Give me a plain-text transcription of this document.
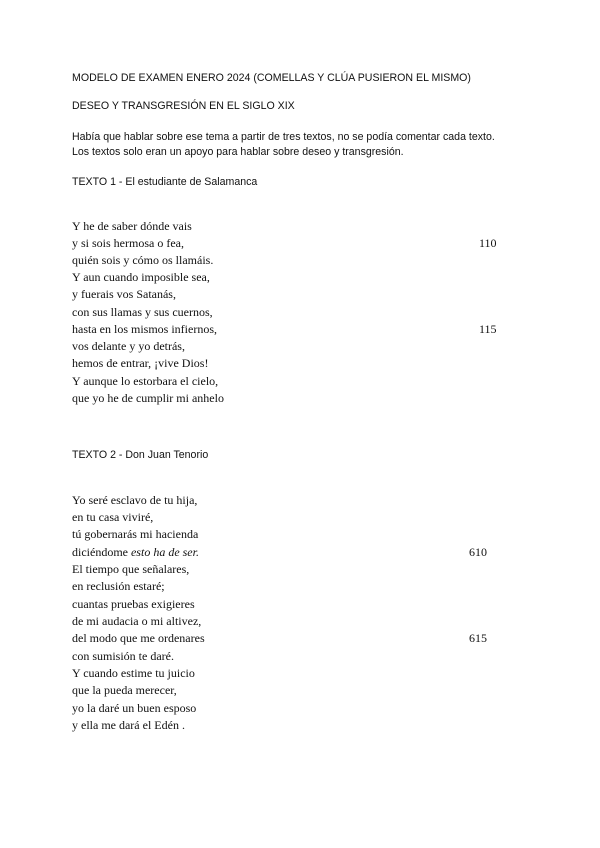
MODELO DE EXAMEN ENERO 2024 (COMELLAS Y CLÚA PUSIERON EL MISMO)
DESEO Y TRANSGRESIÓN EN EL SIGLO XIX
Había que hablar sobre ese tema a partir de tres textos, no se podía comentar cada texto.
Los textos solo eran un apoyo para hablar sobre deseo y transgresión.
TEXTO 1 - El estudiante de Salamanca
Y he de saber dónde vais
y si sois hermosa o fea,
quién sois y cómo os llamáis.
Y aun cuando imposible sea,
y fuerais vos Satanás,
con sus llamas y sus cuernos,
hasta en los mismos infiernos,
vos delante y yo detrás,
hemos de entrar, ¡vive Dios!
Y aunque lo estorbara el cielo,
que yo he de cumplir mi anhelo
110
115
TEXTO 2 - Don Juan Tenorio
Yo seré esclavo de tu hija,
en tu casa viviré,
tú gobernarás mi hacienda
diciéndome esto ha de ser.
El tiempo que señalares,
en reclusión estaré;
cuantas pruebas exigieres
de mi audacia o mi altivez,
del modo que me ordenares
con sumisión te daré.
Y cuando estime tu juicio
que la pueda merecer,
yo la daré un buen esposo
y ella me dará el Edén .
610
615
